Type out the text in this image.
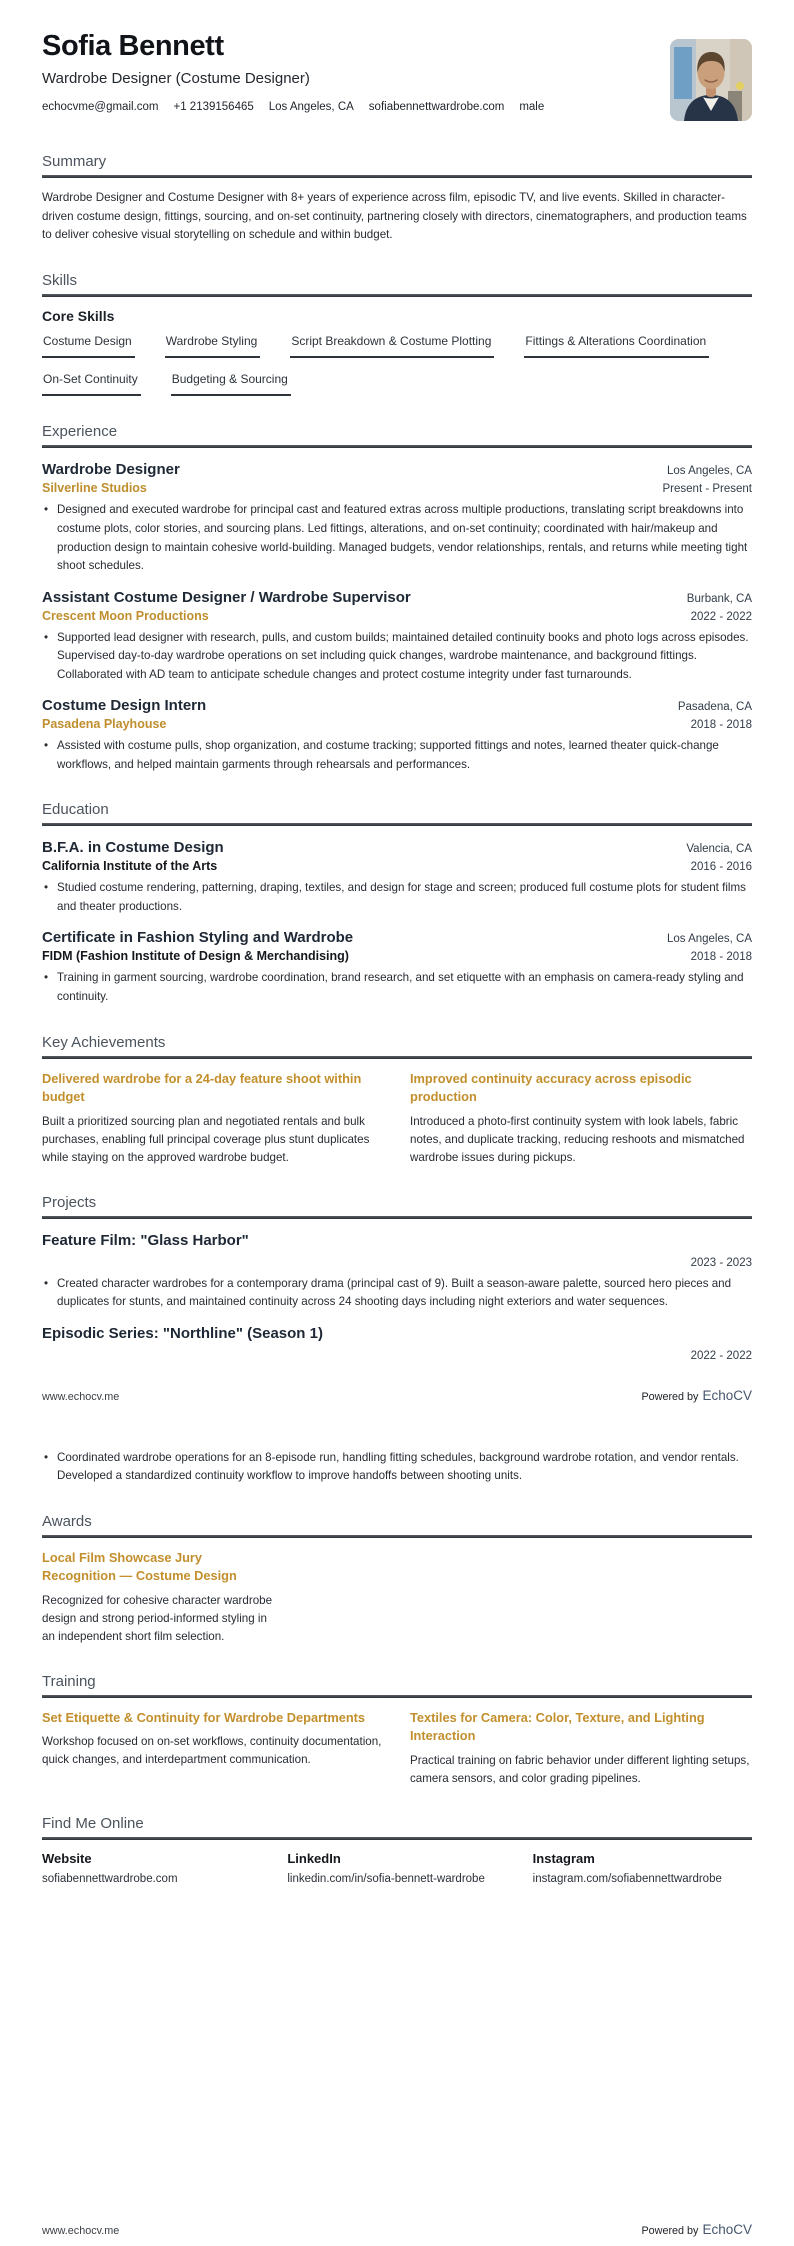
Sofia Bennett
Wardrobe Designer (Costume Designer)
echocvme@gmail.com +1 2139156465 Los Angeles, CA sofiabennettwardrobe.com male
Summary
Wardrobe Designer and Costume Designer with 8+ years of experience across film, episodic TV, and live events. Skilled in character-driven costume design, fittings, sourcing, and on-set continuity, partnering closely with directors, cinematographers, and production teams to deliver cohesive visual storytelling on schedule and within budget.
Skills
Core Skills
Costume Design	Wardrobe Styling	Script Breakdown & Costume Plotting	Fittings & Alterations Coordination
On-Set Continuity	Budgeting & Sourcing
Experience
Wardrobe Designer	Los Angeles, CA
Silverline Studios	Present - Present
• Designed and executed wardrobe for principal cast and featured extras across multiple productions, translating script breakdowns into costume plots, color stories, and sourcing plans. Led fittings, alterations, and on-set continuity; coordinated with hair/makeup and production design to maintain cohesive world-building. Managed budgets, vendor relationships, rentals, and returns while meeting tight shoot schedules.
Assistant Costume Designer / Wardrobe Supervisor	Burbank, CA
Crescent Moon Productions	2022 - 2022
• Supported lead designer with research, pulls, and custom builds; maintained detailed continuity books and photo logs across episodes. Supervised day-to-day wardrobe operations on set including quick changes, wardrobe maintenance, and background fittings. Collaborated with AD team to anticipate schedule changes and protect costume integrity under fast turnarounds.
Costume Design Intern	Pasadena, CA
Pasadena Playhouse	2018 - 2018
• Assisted with costume pulls, shop organization, and costume tracking; supported fittings and notes, learned theater quick-change workflows, and helped maintain garments through rehearsals and performances.
Education
B.F.A. in Costume Design	Valencia, CA
California Institute of the Arts	2016 - 2016
• Studied costume rendering, patterning, draping, textiles, and design for stage and screen; produced full costume plots for student films and theater productions.
Certificate in Fashion Styling and Wardrobe	Los Angeles, CA
FIDM (Fashion Institute of Design & Merchandising)	2018 - 2018
• Training in garment sourcing, wardrobe coordination, brand research, and set etiquette with an emphasis on camera-ready styling and continuity.
Key Achievements
Delivered wardrobe for a 24-day feature shoot within budget
Built a prioritized sourcing plan and negotiated rentals and bulk purchases, enabling full principal coverage plus stunt duplicates while staying on the approved wardrobe budget.
Improved continuity accuracy across episodic production
Introduced a photo-first continuity system with look labels, fabric notes, and duplicate tracking, reducing reshoots and mismatched wardrobe issues during pickups.
Projects
Feature Film: "Glass Harbor"
2023 - 2023
• Created character wardrobes for a contemporary drama (principal cast of 9). Built a season-aware palette, sourced hero pieces and duplicates for stunts, and maintained continuity across 24 shooting days including night exteriors and water sequences.
Episodic Series: "Northline" (Season 1)
2022 - 2022
www.echocv.me	Powered by EchoCV
• Coordinated wardrobe operations for an 8-episode run, handling fitting schedules, background wardrobe rotation, and vendor rentals. Developed a standardized continuity workflow to improve handoffs between shooting units.
Awards
Local Film Showcase Jury Recognition — Costume Design
Recognized for cohesive character wardrobe design and strong period-informed styling in an independent short film selection.
Training
Set Etiquette & Continuity for Wardrobe Departments
Workshop focused on on-set workflows, continuity documentation, quick changes, and interdepartment communication.
Textiles for Camera: Color, Texture, and Lighting Interaction
Practical training on fabric behavior under different lighting setups, camera sensors, and color grading pipelines.
Find Me Online
Website
sofiabennettwardrobe.com
LinkedIn
linkedin.com/in/sofia-bennett-wardrobe
Instagram
instagram.com/sofiabennettwardrobe
www.echocv.me	Powered by EchoCV
